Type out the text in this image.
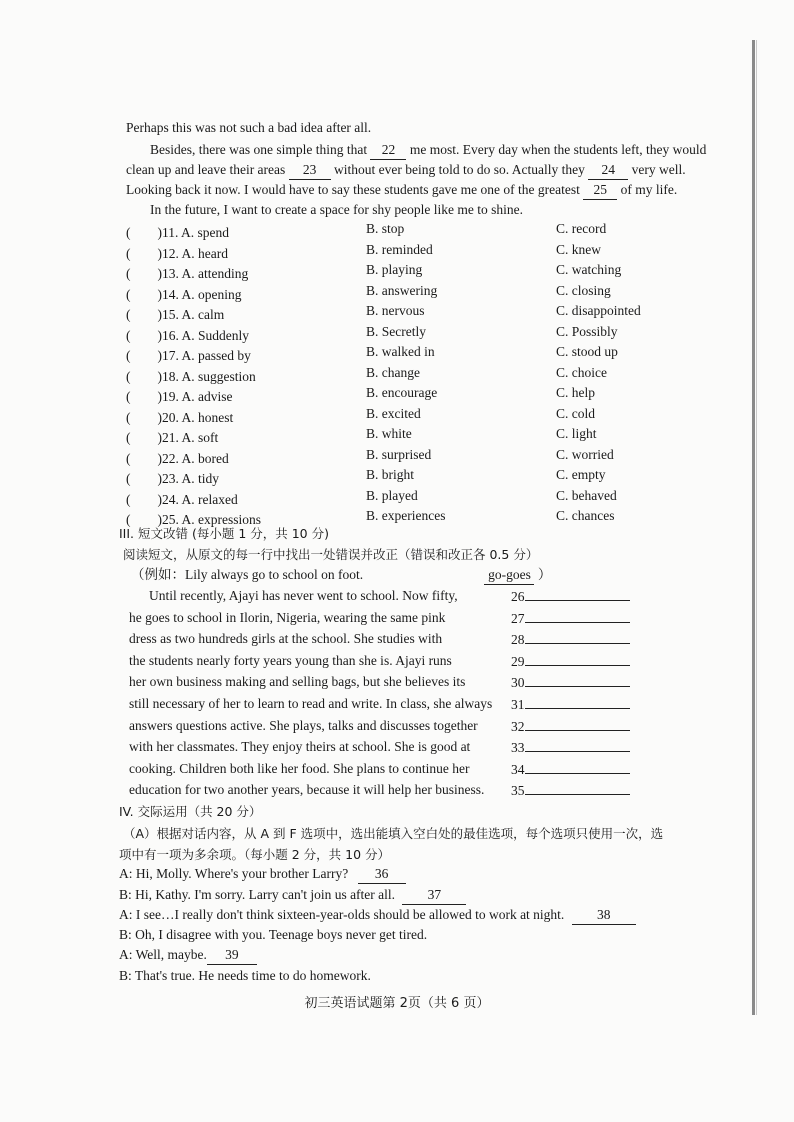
Perhaps this was not such a bad idea after all.
Besides, there was one simple thing that 22 me most. Every day when the students left, they would
clean up and leave their areas 23 without ever being told to do so. Actually they 24 very well.
Looking back it now. I would have to say these students gave me one of the greatest 25 of my life.
In the future, I want to create a space for shy people like me to shine.
(　　)11. A. spend	B. stop	C. record
(　　)12. A. heard	B. reminded	C. knew
(　　)13. A. attending	B. playing	C. watching
(　　)14. A. opening	B. answering	C. closing
(　　)15. A. calm	B. nervous	C. disappointed
(　　)16. A. Suddenly	B. Secretly	C. Possibly
(　　)17. A. passed by	B. walked in	C. stood up
(　　)18. A. suggestion	B. change	C. choice
(　　)19. A. advise	B. encourage	C. help
(　　)20. A. honest	B. excited	C. cold
(　　)21. A. soft	B. white	C. light
(　　)22. A. bored	B. surprised	C. worried
(　　)23. A. tidy	B. bright	C. empty
(　　)24. A. relaxed	B. played	C. behaved
(　　)25. A. expressions	B. experiences	C. chances
III. 短文改错 (每小题 1 分，共 10 分)
阅读短文，从原文的每一行中找出一处错误并改正（错误和改正各 0.5 分）
（例如：Lily always go to school on foot.	go-goes ）
Until recently, Ajayi has never went to school. Now fifty,	26
he goes to school in Ilorin, Nigeria, wearing the same pink	27
dress as two hundreds girls at the school. She studies with	28
the students nearly forty years young than she is. Ajayi runs	29
her own business making and selling bags, but she believes its	30
still necessary of her to learn to read and write. In class, she always 31
answers questions active. She plays, talks and discusses together 32
with her classmates. They enjoy theirs at school. She is good at	33
cooking. Children both like her food. She plans to continue her	34
education for two another years, because it will help her business. 35
IV. 交际运用（共 20 分）
（A）根据对话内容，从 A 到 F 选项中，选出能填入空白处的最佳选项，每个选项只使用一次，选
项中有一项为多余项。（每小题 2 分，共 10 分）
A: Hi, Molly. Where's your brother Larry? 36
B: Hi, Kathy. I'm sorry. Larry can't join us after all. 37
A: I see…I really don't think sixteen-year-olds should be allowed to work at night. 38
B: Oh, I disagree with you. Teenage boys never get tired.
A: Well, maybe. 39
B: That's true. He needs time to do homework.
初三英语试题第 2页（共 6 页）
